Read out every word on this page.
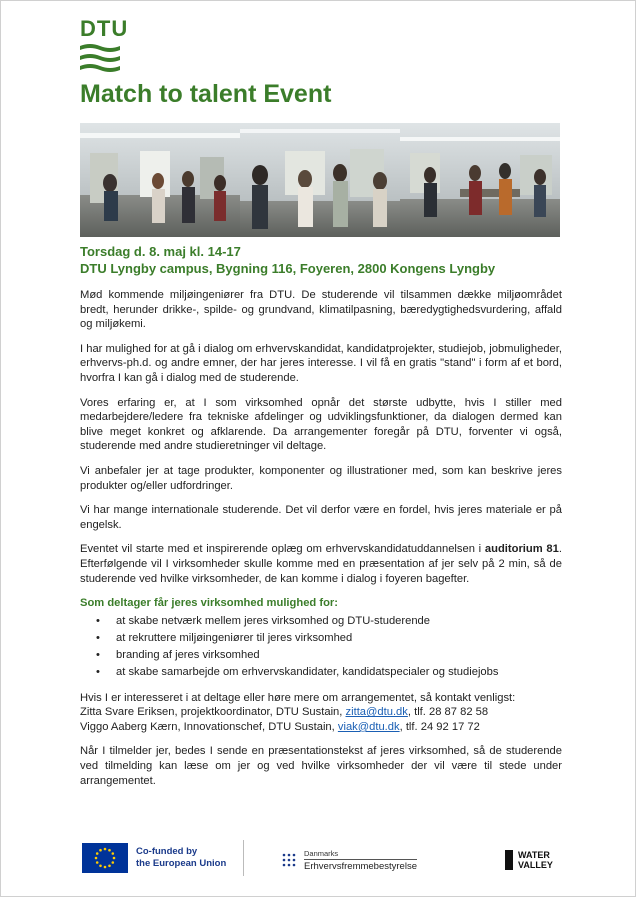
DTU
Match to talent Event
Torsdag d. 8. maj kl. 14-17
DTU Lyngby campus, Bygning 116, Foyeren, 2800 Kongens Lyngby

Mød kommende miljøingeniører fra DTU. De studerende vil tilsammen dække miljøområdet bredt, herunder drikke-, spilde- og grundvand, klimatilpasning, bæredygtighedsvurdering, affald og miljøkemi.

I har mulighed for at gå i dialog om erhvervskandidat, kandidatprojekter, studiejob, jobmuligheder, erhvervs-ph.d. og andre emner, der har jeres interesse. I vil få en gratis "stand" i form af et bord, hvorfra I kan gå i dialog med de studerende.

Vores erfaring er, at I som virksomhed opnår det største udbytte, hvis I stiller med medarbejdere/ledere fra tekniske afdelinger og udviklingsfunktioner, da dialogen dermed kan blive meget konkret og afklarende. Da arrangementer foregår på DTU, forventer vi også, studerende med andre studieretninger vil deltage.

Vi anbefaler jer at tage produkter, komponenter og illustrationer med, som kan beskrive jeres produkter og/eller udfordringer.

Vi har mange internationale studerende. Det vil derfor være en fordel, hvis jeres materiale er på engelsk.

Eventet vil starte med et inspirerende oplæg om erhvervskandidatuddannelsen i auditorium 81. Efterfølgende vil I virksomheder skulle komme med en præsentation af jer selv på 2 min, så de studerende ved hvilke virksomheder, de kan komme i dialog i foyeren bagefter.

Som deltager får jeres virksomhed mulighed for:
• at skabe netværk mellem jeres virksomhed og DTU-studerende
• at rekruttere miljøingeniører til jeres virksomhed
• branding af jeres virksomhed
• at skabe samarbejde om erhvervskandidater, kandidatspecialer og studiejobs

Hvis I er interesseret i at deltage eller høre mere om arrangementet, så kontakt venligst:

Zitta Svare Eriksen, projektkoordinator, DTU Sustain, zitta@dtu.dk, tlf. 28 87 82 58

Viggo Aaberg Kærn, Innovationschef, DTU Sustain, viak@dtu.dk, tlf. 24 92 17 72

Når I tilmelder jer, bedes I sende en præsentationstekst af jeres virksomhed, så de studerende ved tilmelding kan læse om jer og ved hvilke virksomheder der vil være til stede under arrangementet.

Co-funded by
the European Union
Danmarks
Erhvervsfremmebestyrelse
WATER
VALLEY
